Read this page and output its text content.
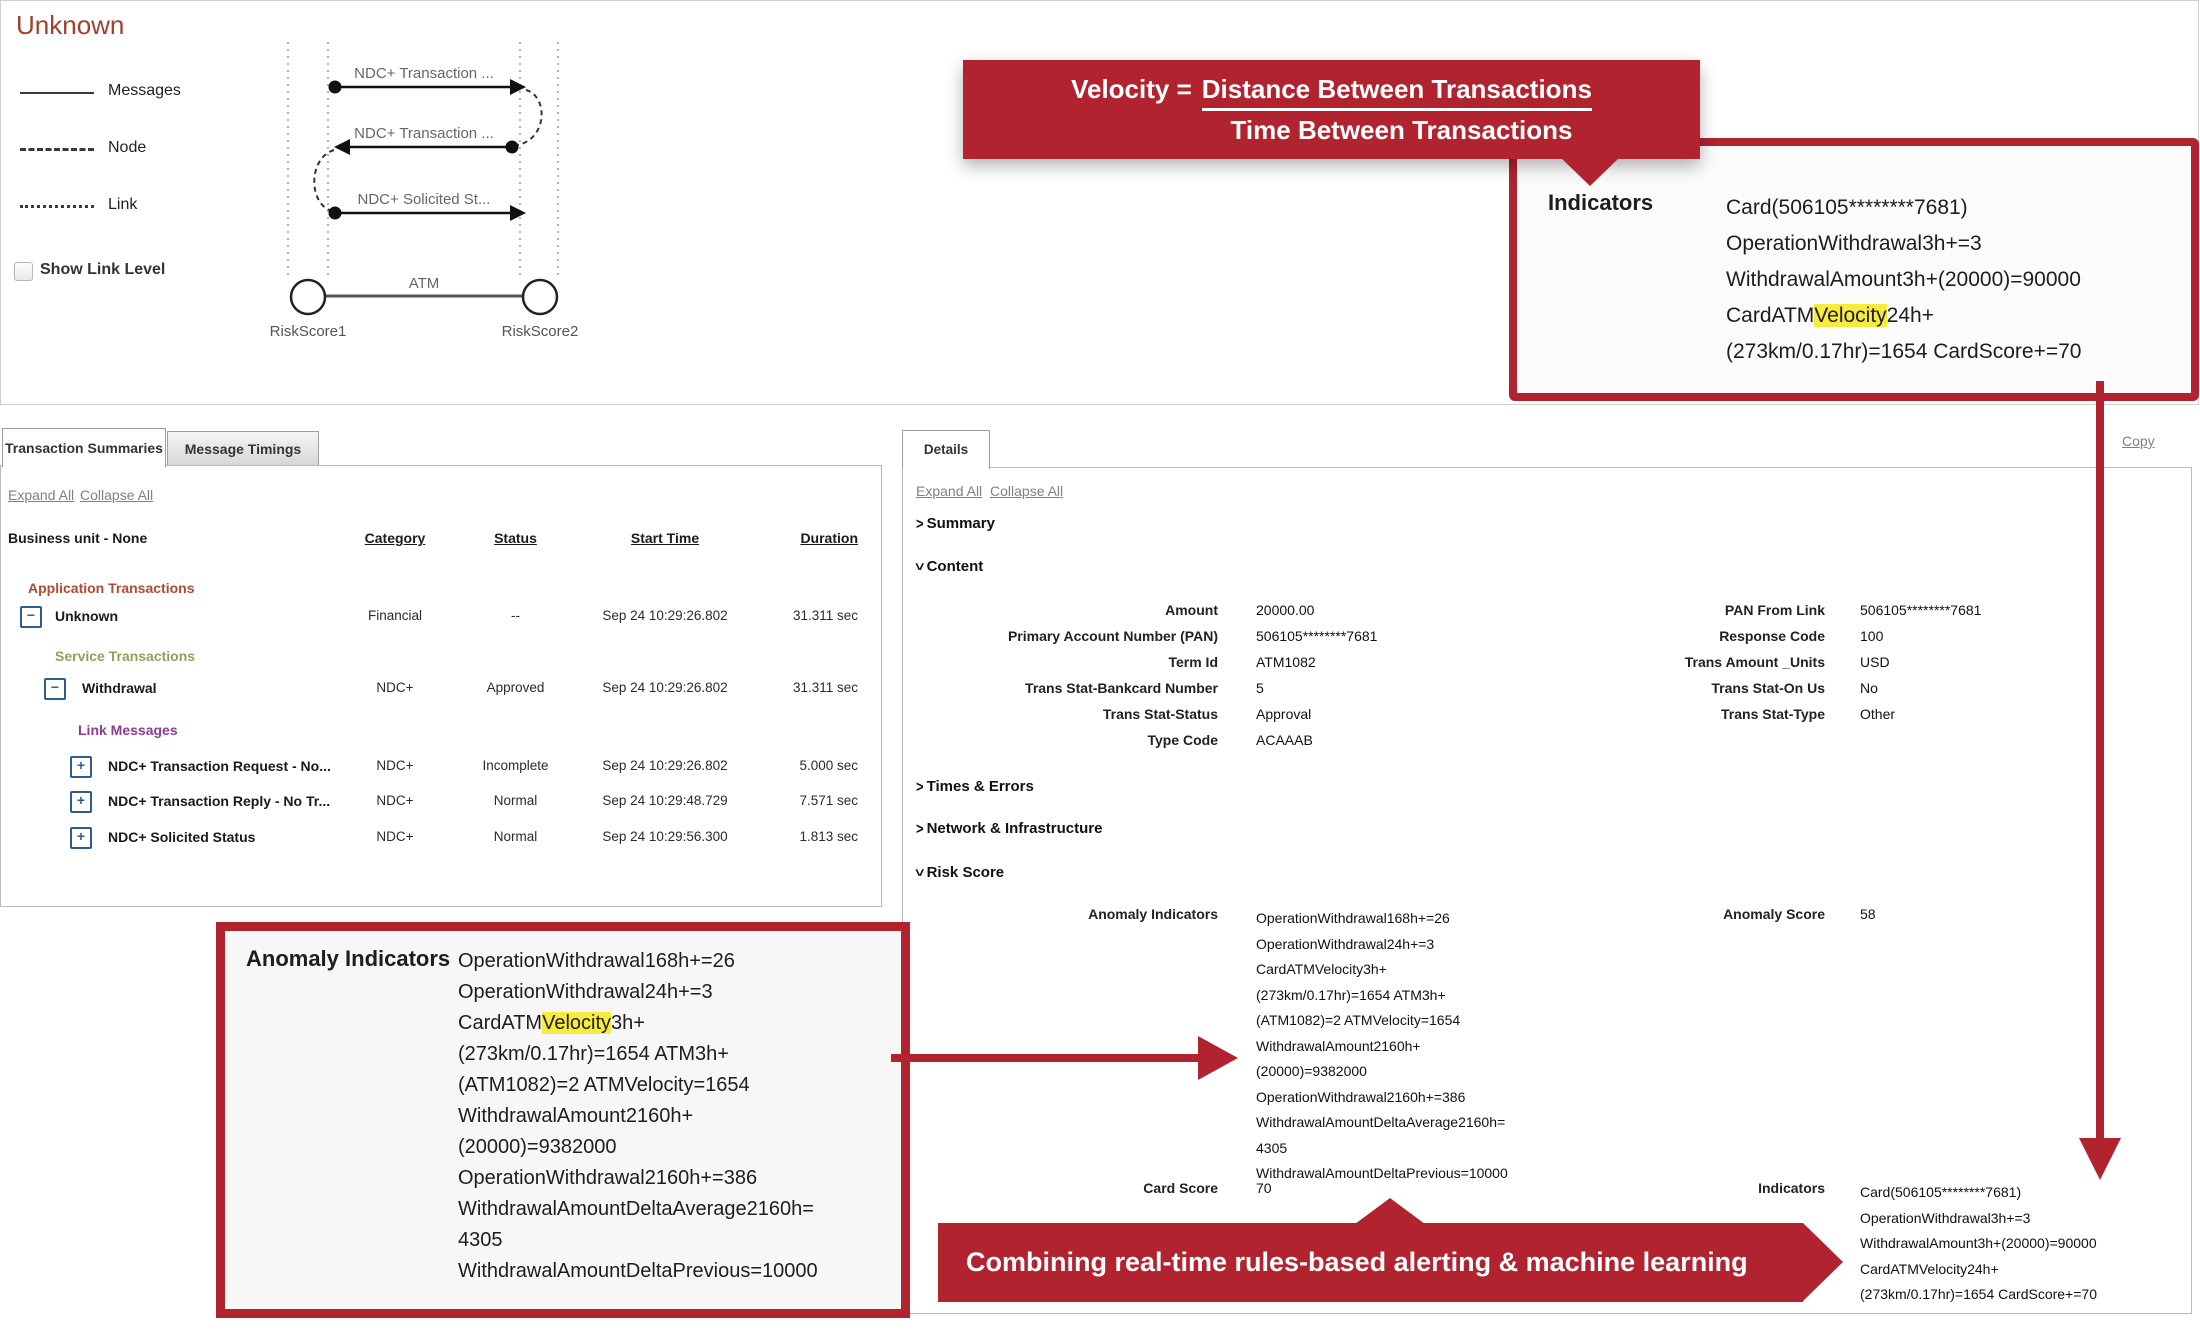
Unknown
Messages
Node
Link
Show Link Level
NDC+ Transaction ...
NDC+ Transaction ...
NDC+ Solicited St...
ATM
RiskScore1	RiskScore2
Velocity = Distance Between Transactions
Time Between Transactions
Indicators	Card(506105********7681)
OperationWithdrawal3h+=3
WithdrawalAmount3h+(20000)=90000
CardATMVelocity24h+
(273km/0.17hr)=1654 CardScore+=70
Transaction Summaries	Message Timings
Expand All Collapse All
Business unit - None	Category	Status	Start Time	Duration
Application Transactions
−	Unknown	Financial	--	Sep 24 10:29:26.802	31.311 sec
Service Transactions
−	Withdrawal	NDC+	Approved	Sep 24 10:29:26.802	31.311 sec
Link Messages
+	NDC+ Transaction Request - No...	NDC+	Incomplete	Sep 24 10:29:26.802	5.000 sec
+	NDC+ Transaction Reply - No Tr...	NDC+	Normal	Sep 24 10:29:48.729	7.571 sec
+	NDC+ Solicited Status	NDC+	Normal	Sep 24 10:29:56.300	1.813 sec
Details
Copy
Expand All Collapse All
> Summary
>Content
Amount	20000.00
Primary Account Number (PAN)	506105********7681
Term Id	ATM1082
Trans Stat-Bankcard Number	5
Trans Stat-Status	Approval
Type Code	ACAAAB
PAN From Link	506105********7681
Response Code	100
Trans Amount _Units	USD
Trans Stat-On Us	No
Trans Stat-Type	Other
> Times & Errors
> Network & Infrastructure
>Risk Score
Anomaly Indicators	OperationWithdrawal168h+=26
OperationWithdrawal24h+=3
CardATMVelocity3h+
(273km/0.17hr)=1654 ATM3h+
(ATM1082)=2 ATMVelocity=1654
WithdrawalAmount2160h+
(20000)=9382000
OperationWithdrawal2160h+=386
WithdrawalAmountDeltaAverage2160h=
4305
WithdrawalAmountDeltaPrevious=10000
Anomaly Score	58
Card Score	70	Indicators	Card(506105********7681)
OperationWithdrawal3h+=3
WithdrawalAmount3h+(20000)=90000
CardATMVelocity24h+
(273km/0.17hr)=1654 CardScore+=70
Anomaly Indicators OperationWithdrawal168h+=26
OperationWithdrawal24h+=3
CardATMVelocity3h+
(273km/0.17hr)=1654 ATM3h+
(ATM1082)=2 ATMVelocity=1654
WithdrawalAmount2160h+
(20000)=9382000
OperationWithdrawal2160h+=386
WithdrawalAmountDeltaAverage2160h=
4305
WithdrawalAmountDeltaPrevious=10000	Combining real-time rules-based alerting & machine learning
